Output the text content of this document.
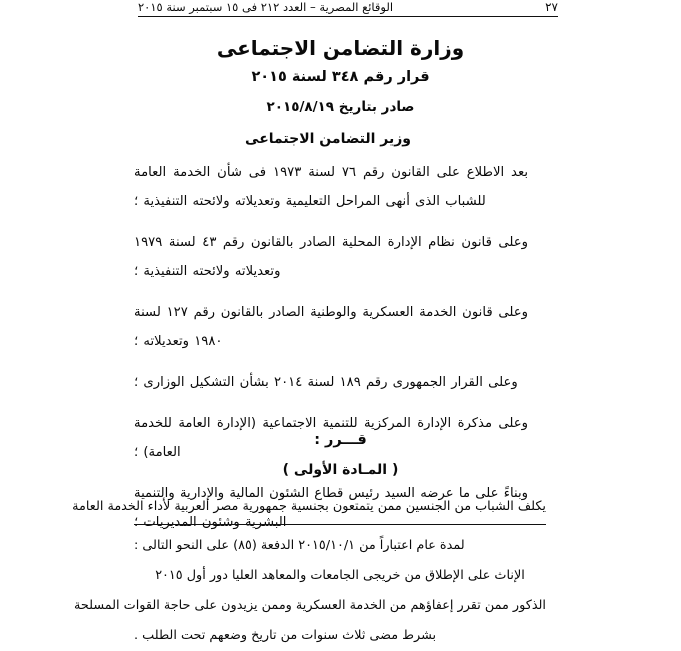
الوقائع المصرية – العدد ٢١٢ فى ١٥ سبتمبر سنة ٢٠١٥	٢٧
وزارة التضامن الاجتماعى
قرار رقم ٣٤٨ لسنة ٢٠١٥
صادر بتاريخ ٢٠١٥/٨/١٩
وزير التضامن الاجتماعى

بعد الاطلاع على القانون رقم ٧٦ لسنة ١٩٧٣ فى شأن الخدمة العامة للشباب الذى أنهى المراحل التعليمية وتعديلاته ولائحته التنفيذية ؛

وعلى قانون نظام الإدارة المحلية الصادر بالقانون رقم ٤٣ لسنة ١٩٧٩ وتعديلاته ولائحته التنفيذية ؛

وعلى قانون الخدمة العسكرية والوطنية الصادر بالقانون رقم ١٢٧ لسنة ١٩٨٠ وتعديلاته ؛

وعلى القرار الجمهورى رقم ١٨٩ لسنة ٢٠١٤ بشأن التشكيل الوزارى ؛

وعلى مذكرة الإدارة المركزية للتنمية الاجتماعية (الإدارة العامة للخدمة العامة) ؛

وبناءً على ما عرضه السيد رئيس قطاع الشئون المالية والإدارية والتنمية البشرية وشئون المديريات ؛

قـــرر :
( المـادة الأولى )
يكلف الشباب من الجنسين ممن يتمتعون بجنسية جمهورية مصر العربية لأداء الخدمة العامة
لمدة عام اعتباراً من ٢٠١٥/١٠/١ الدفعة (٨٥) على النحو التالى :
الإناث على الإطلاق من خريجى الجامعات والمعاهد العليا دور أول ٢٠١٥
الذكور ممن تقرر إعفاؤهم من الخدمة العسكرية وممن يزيدون على حاجة القوات المسلحة
بشرط مضى ثلاث سنوات من تاريخ وضعهم تحت الطلب .
